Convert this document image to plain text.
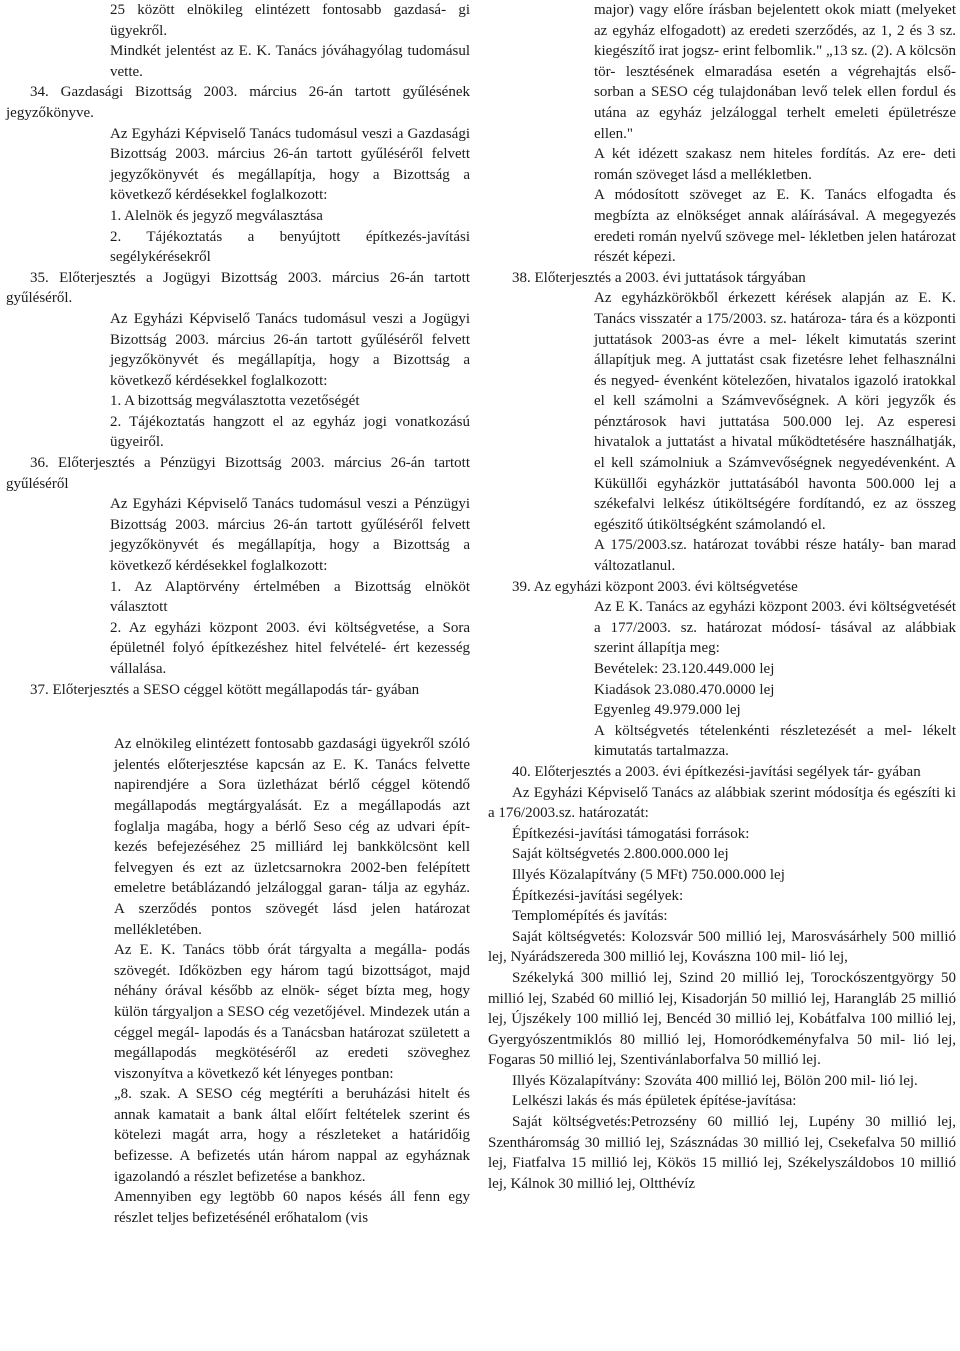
25 között elnökileg elintézett fontosabb gazdasá- gi ügyekről.

Mindkét jelentést az E. K. Tanács jóváhagyólag tudomásul vette.

34. Gazdasági Bizottság 2003. március 26-án tartott gyűlésének jegyzőkönyve.

Az Egyházi Képviselő Tanács tudomásul veszi a Gazdasági Bizottság 2003. március 26-án tartott gyűléséről felvett jegyzőkönyvét és megállapítja, hogy a Bizottság a következő kérdésekkel foglalkozott:

1. Alelnök és jegyző megválasztása

2. Tájékoztatás a benyújtott építkezés-javítási segélykérésekről

35. Előterjesztés a Jogügyi Bizottság 2003. március 26-án tartott gyűléséről.

Az Egyházi Képviselő Tanács tudomásul veszi a Jogügyi Bizottság 2003. március 26-án tartott gyűléséről felvett jegyzőkönyvét és megállapítja, hogy a Bizottság a következő kérdésekkel foglalkozott:

1. A bizottság megválasztotta vezetőségét

2. Tájékoztatás hangzott el az egyház jogi vonatkozású ügyeiről.

36. Előterjesztés a Pénzügyi Bizottság 2003. március 26-án tartott gyűléséről

Az Egyházi Képviselő Tanács tudomásul veszi a Pénzügyi Bizottság 2003. március 26-án tartott gyűléséről felvett jegyzőkönyvét és megállapítja, hogy a Bizottság a következő kérdésekkel foglalkozott:

1. Az Alaptörvény értelmében a Bizottság elnököt választott

2. Az egyházi központ 2003. évi költségvetése, a Sora épületnél folyó építkezéshez hitel felvételé- ért kezesség vállalása.

37. Előterjesztés a SESO céggel kötött megállapodás tár- gyában

Az elnökileg elintézett fontosabb gazdasági ügyekről szóló jelentés előterjesztése kapcsán az E. K. Tanács felvette napirendjére a Sora üzletházat bérlő céggel kötendő megállapodás megtárgyalását. Ez a megállapodás azt foglalja magába, hogy a bérlő Seso cég az udvari épít- kezés befejezéséhez 25 milliárd lej bankkölcsönt kell felvegyen és ezt az üzletcsarnokra 2002-ben felépített emeletre betáblázandó jelzáloggal garan- tálja az egyház. A szerződés pontos szövegét lásd jelen határozat mellékletében.

Az E. K. Tanács több órát tárgyalta a megálla- podás szövegét. Időközben egy három tagú bizottságot, majd néhány órával később az elnök- séget bízta meg, hogy külön tárgyaljon a SESO cég vezetőjével. Mindezek után a céggel megál- lapodás és a Tanácsban határozat született a megállapodás megkötéséről az eredeti szöveghez viszonyítva a következő két lényeges pontban:

„8. szak. A SESO cég megtéríti a beruházási hitelt és annak kamatait a bank által előírt feltételek szerint és kötelezi magát arra, hogy a részleteket a határidőig befizesse. A befizetés után három nappal az egyháznak igazolandó a részlet befizetése a bankhoz.

Amennyiben egy legtöbb 60 napos késés áll fenn egy részlet teljes befizetésénél erőhatalom (vis

major) vagy előre írásban bejelentett okok miatt (melyeket az egyház elfogadott) az eredeti szerződés, az 1, 2 és 3 sz. kiegészítő irat jogsz- erint felbomlik." „13 sz. (2). A kölcsön tör- lesztésének elmaradása esetén a végrehajtás első- sorban a SESO cég tulajdonában levő telek ellen fordul és utána az egyház jelzáloggal terhelt emeleti épületrésze ellen."

A két idézett szakasz nem hiteles fordítás. Az ere- deti román szöveget lásd a mellékletben.

A módosított szöveget az E. K. Tanács elfogadta és megbízta az elnökséget annak aláírásával. A megegyezés eredeti román nyelvű szövege mel- lékletben jelen határozat részét képezi.

38. Előterjesztés a 2003. évi juttatások tárgyában

Az egyházkörökből érkezett kérések alapján az E. K. Tanács visszatér a 175/2003. sz. határoza- tára és a központi juttatások 2003-as évre a mel- lékelt kimutatás szerint állapítjuk meg. A juttatást csak fizetésre lehet felhasználni és negyed- évenként kötelezően, hivatalos igazoló iratokkal el kell számolni a Számvevőségnek. A köri jegyzők és pénztárosok havi juttatása 500.000 lej. Az esperesi hivatalok a juttatást a hivatal működtetésére használhatják, el kell számolniuk a Számvevőségnek negyedévenként. A Küküllői egyházkör juttatásából havonta 500.000 lej a székefalvi lelkész útiköltségére fordítandó, ez az összeg egészitő útiköltségként számolandó el.

A 175/2003.sz. határozat további része hatály- ban marad változatlanul.

39. Az egyházi központ 2003. évi költségvetése

Az E K. Tanács az egyházi központ 2003. évi költségvetését a 177/2003. sz. határozat módosí- tásával az alábbiak szerint állapítja meg:

Bevételek: 23.120.449.000 lej

Kiadások 23.080.470.0000 lej

Egyenleg 49.979.000 lej

A költségvetés tételenkénti részletezését a mel- lékelt kimutatás tartalmazza.

40. Előterjesztés a 2003. évi építkezési-javítási segélyek tár- gyában

Az Egyházi Képviselő Tanács az alábbiak szerint módosítja és egészíti ki a 176/2003.sz. határozatát:

Építkezési-javítási támogatási források:

Saját költségvetés 2.800.000.000 lej

Illyés Közalapítvány (5 MFt) 750.000.000 lej

Építkezési-javítási segélyek:

Templomépítés és javítás:

Saját költségvetés: Kolozsvár 500 millió lej, Marosvásárhely 500 millió lej, Nyárádszereda 300 millió lej, Kovászna 100 mil- lió lej,

Székelyká 300 millió lej, Szind 20 millió lej, Torockószentgyörgy 50 millió lej, Szabéd 60 millió lej, Kisadorján 50 millió lej, Harangláb 25 millió lej, Újszékely 100 millió lej, Bencéd 30 millió lej, Kobátfalva 100 millió lej, Gyergyószentmiklós 80 millió lej, Homoródkeményfalva 50 mil- lió lej, Fogaras 50 millió lej, Szentivánlaborfalva 50 millió lej.

Illyés Közalapítvány: Szováta 400 millió lej, Bölön 200 mil- lió lej.

Lelkészi lakás és más épületek építése-javítása:

Saját költségvetés:Petrozsény 60 millió lej, Lupény 30 millió lej, Szentháromság 30 millió lej, Szásznádas 30 millió lej, Csekefalva 50 millió lej, Fiatfalva 15 millió lej, Kökös 15 millió lej, Székelyszáldobos 10 millió lej, Kálnok 30 millió lej, Oltthévíz
